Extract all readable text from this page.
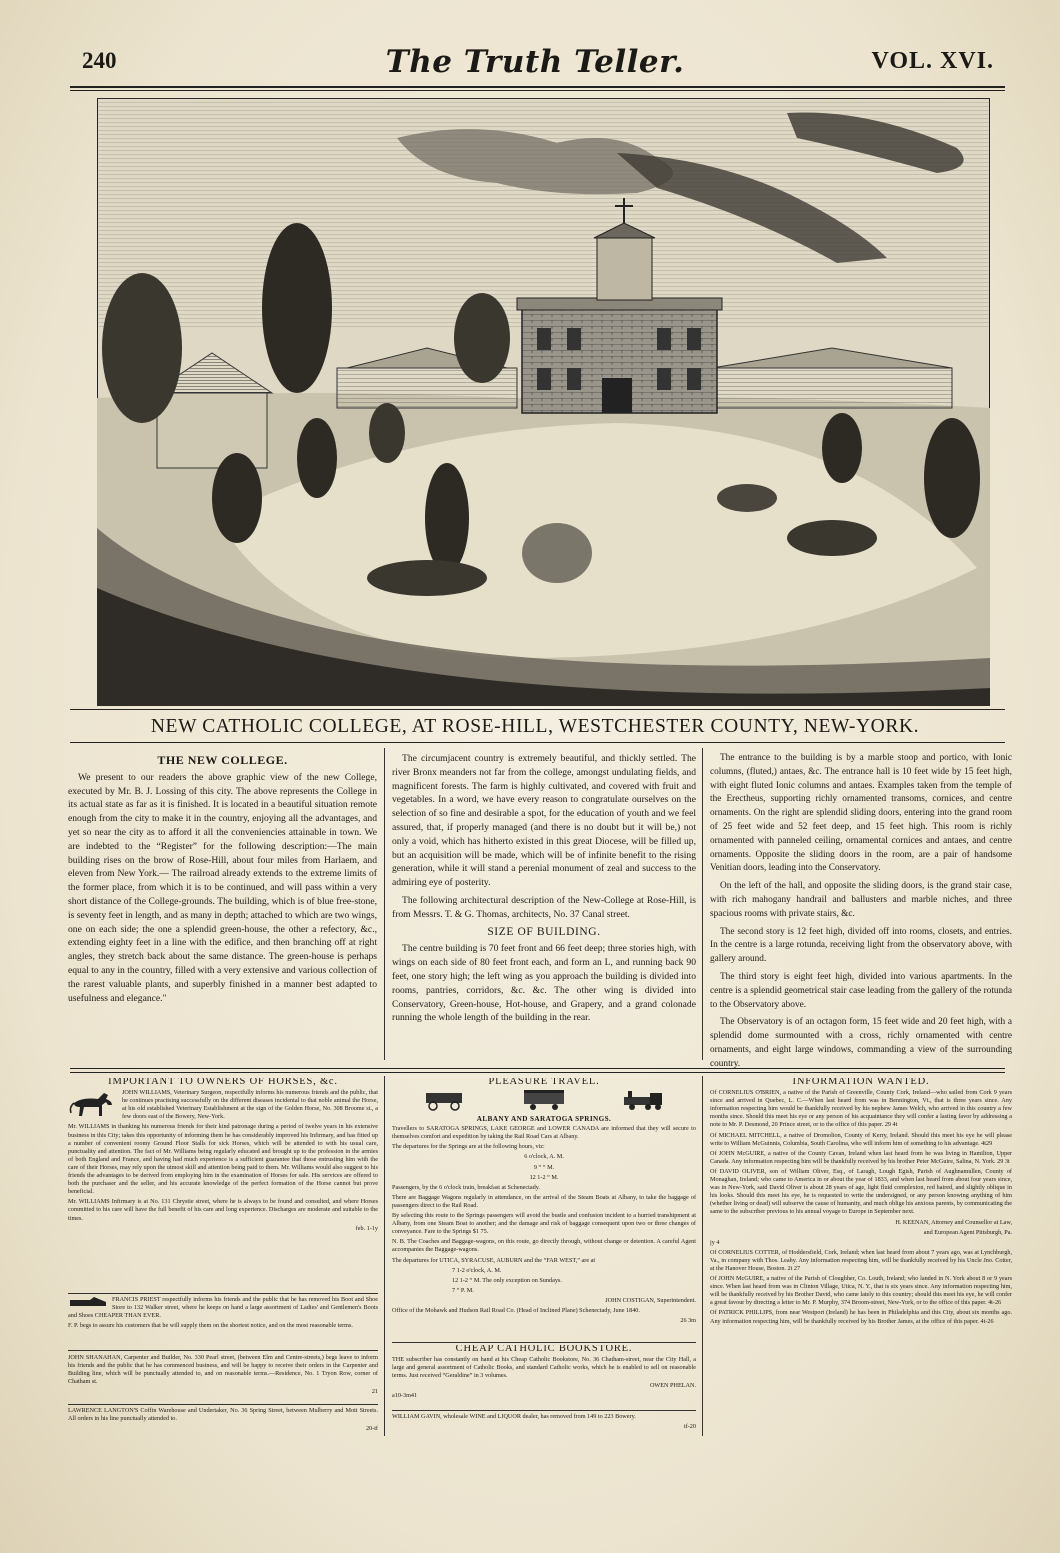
240	The Truth Teller.	VOL. XVI.
NEW CATHOLIC COLLEGE, AT ROSE-HILL, WESTCHESTER COUNTY, NEW-YORK.
THE NEW COLLEGE.

We present to our readers the above graphic view of the new College, executed by Mr. B. J. Lossing of this city. The above represents the College in its actual state as far as it is finished. It is located in a beautiful situation remote enough from the city to make it in the country, enjoying all the advantages, and yet so near the city as to afford it all the conveniencies attainable in town. We are indebted to the “Register” for the following description:—The main building rises on the brow of Rose-Hill, about four miles from Harlaem, and eleven from New York.— The railroad already extends to the extreme limits of the former place, from which it is to be continued, and will pass within a very short distance of the College-grounds. The building, which is of blue free-stone, is seventy feet in length, and as many in depth; attached to which are two wings, one on each side; the one a splendid green-house, the other a refectory, &c., extending eighty feet in a line with the edifice, and then branching off at right angles, they stretch back about the same distance. The green-house is perhaps equal to any in the country, filled with a very extensive and various collection of the rarest valuable plants, and superbly finished in a manner best adapted to usefulness and elegance."

The circumjacent country is extremely beautiful, and thickly settled. The river Bronx meanders not far from the college, amongst undulating fields, and magnificent forests. The farm is highly cultivated, and covered with fruit and vegetables. In a word, we have every reason to congratulate ourselves on the selection of so fine and desirable a spot, for the education of youth and we feel assured, that, if properly managed (and there is no doubt but it will be,) not only a void, which has hitherto existed in this great Diocese, will be filled up, but an acquisition will be made, which will be of infinite benefit to the rising generation, while it will stand a perenial monument of zeal and success to the admiring eye of posterity.

The following architectural description of the New-College at Rose-Hill, is from Messrs. T. & G. Thomas, architects, No. 37 Canal street.

SIZE OF BUILDING.

The centre building is 70 feet front and 66 feet deep; three stories high, with wings on each side of 80 feet front each, and form an L, and running back 90 feet, one story high; the left wing as you approach the building is divided into rooms, pantries, corridors, &c. &c. The other wing is divided into Conservatory, Green-house, Hot-house, and Grapery, and a grand colonade running the whole length of the building in the rear.

The entrance to the building is by a marble stoop and portico, with Ionic columns, (fluted,) antaes, &c. The entrance hall is 10 feet wide by 15 feet high, with eight fluted Ionic columns and antaes. Examples taken from the temple of the Erectheus, supporting richly ornamented transoms, cornices, and centre ornaments. On the right are splendid sliding doors, entering into the grand room of 25 feet wide and 52 feet deep, and 15 feet high. This room is richly ornamented with panneled ceiling, ornamental cornices and antaes, and centre ornaments. Opposite the sliding doors in the room, are a pair of handsome Venitian doors, leading into the Conservatory.

On the left of the hall, and opposite the sliding doors, is the grand stair case, with rich mahogany handrail and ballusters and marble niches, and three spacious rooms with private stairs, &c.

The second story is 12 feet high, divided off into rooms, closets, and entries. In the centre is a large rotunda, receiving light from the observatory above, with gallery around.

The third story is eight feet high, divided into various apartments. In the centre is a splendid geometrical stair case leading from the gallery of the rotunda to the Observatory above.

The Observatory is of an octagon form, 15 feet wide and 20 feet high, with a splendid dome surmounted with a cross, richly ornamented with centre ornaments, and eight large windows, commanding a view of the surrounding country.

IMPORTANT TO OWNERS OF HORSES, &c.

JOHN WILLIAMS, Veterinary Surgeon, respectfully informs his numerous friends and the public, that he continues practising successfully on the different diseases incidental to that noble animal the Horse, at his old established Veterinary Establishment at the sign of the Golden Horse, No. 308 Broome st., a few doors east of the Bowery, New-York.

Mr. WILLIAMS in thanking his numerous friends for their kind patronage during a period of twelve years in his extensive business in this City; takes this opportunity of informing them he has considerably improved his Infirmary, and has fitted up a number of convenient roomy Ground Floor Stalls for sick Horses, which will be attended to with his usual care, punctuality and attention. The fact of Mr. Williams being regularly educated and brought up to the profession in the armies of both England and France, and having had much experience is a sufficient guarantee that those entrusting him with the care of their Horses, may rely upon the utmost skill and attention being paid to them. Mr. Williams would also suggest to his friends the advantages to be derived from employing him in the examination of Horses for sale. His services are offered to both the purchaser and the seller, and his accurate knowledge of the perfect formation of the Horse cannot but prove beneficial.

Mr. WILLIAMS Infirmary is at No. 131 Chrystie street, where he is always to be found and consulted, and where Horses committed to his care will have the full benefit of his care and long experience. Discharges are moderate and suitable to the times.

feb. 1-1y

FRANCIS PRIEST respectfully informs his friends and the public that he has removed his Boot and Shoe Store to 132 Walker street, where he keeps on hand a large assortment of Ladies' and Gentlemen's Boots and Shoes CHEAPER THAN EVER.

F. P. begs to assure his customers that he will supply them on the shortest notice, and on the most reasonable terms.

JOHN SHANAHAN, Carpenter and Builder, No. 330 Pearl street, (between Elm and Centre-streets,) begs leave to inform his friends and the public that he has commenced business, and will be happy to receive their orders in the Carpenter and Building line, which will be punctually attended to, and on reasonable terms.—Residence, No. 1 Tryon Row, corner of Chatham st.

21

LAWRENCE LANGTON'S Coffin Warehouse and Undertaker, No. 36 Spring Street, between Mulberry and Mott Streets. All orders in his line punctually attended to.

20-tf

PLEASURE TRAVEL.

ALBANY AND SARATOGA SPRINGS.

Travellers to SARATOGA SPRINGS, LAKE GEORGE and LOWER CANADA are informed that they will secure to themselves comfort and expedition by taking the Rail Road Cars at Albany.

The departures for the Springs are at the following hours, viz:

6 o'clock, A. M.

9 “ “ M.

12 1-2 “ M.

Passengers, by the 6 o'clock train, breakfast at Schenectady.

There are Baggage Wagons regularly in attendance, on the arrival of the Steam Boats at Albany, to take the baggage of passengers direct to the Rail Road.

By selecting this route to the Springs passengers will avoid the bustle and confusion incident to a hurried transhipment at Albany, from one Steam Boat to another; and the damage and risk of baggage consequent upon two or three changes of conveyance. Fare to the Springs $1 75.

N. B. The Coaches and Baggage-wagons, on this route, go directly through, without change or detention. A careful Agent accompanies the Baggage-wagons.

The departures for UTICA, SYRACUSE, AUBURN and the “FAR WEST,” are at

7 1-2 o'clock, A. M.

12 1-2 “ M. The only exception on Sundays.

7 “ P. M.

JOHN COSTIGAN, Superintendent.

Office of the Mohawk and Hudson Rail Road Co. (Head of Inclined Plane) Schenectady, June 1840.

26 3m

CHEAP CATHOLIC BOOKSTORE.

THE subscriber has constantly on hand at his Cheap Catholic Bookstore, No. 36 Chatham-street, near the City Hall, a large and general assortment of Catholic Books, and standard Catholic works, which he is enabled to sell on reasonable terms. Just received “Geraldine” in 3 volumes.

OWEN PHELAN.

a10-3m41

WILLIAM GAVIN, wholesale WINE and LIQUOR dealer, has removed from 149 to 223 Bowery.

tf-20

INFORMATION WANTED.

Of CORNELIUS O'BRIEN, a native of the Parish of Greenville, County Cork, Ireland—who sailed from Cork 9 years since and arrived in Quebec, L. C.—When last heard from was in Bennington, Vt., that is three years since. Any information respecting him would be thankfully received by his nephew James Welch, who arrived in this country a few months since. Should this meet his eye or any person of his acquaintance they will confer a lasting favor by addressing a note to Mr. P. Desmond, 20 Prince street, or to the office of this paper. 29 4t

Of MICHAEL MITCHELL, a native of Dromolion, County of Kerry, Ireland. Should this meet his eye he will please write to William McGuinnis, Columbia, South Carolina, who will inform him of something to his advantage. 4t29

Of JOHN McGUIRE, a native of the County Cavan, Ireland when last heard from he was living in Hamilton, Upper Canada. Any information respecting him will be thankfully received by his brother Peter McGuire, Salina, N. York. 29 3t

Of DAVID OLIVER, son of William Oliver, Esq., of Laragh, Lough Egish, Parish of Aughnamullen, County of Monaghan, Ireland; who came to America in or about the year of 1833, and when last heard from about four years since, was in New-York, said David Oliver is about 28 years of age, light fluid complexion, red haired, and slightly oblique in his looks. Should this meet his eye, he is requested to write the undersigned, or any person knowing anything of him (whether living or dead) will subserve the cause of humanity, and much oblige his anxious parents, by communicating the same to the subscriber previous to his annual voyage to Europe in September next.

H. KEENAN, Attorney and Counsellor at Law,

and European Agent Pittsburgh, Pa.

jy 4

Of CORNELIUS COTTER, of Hoddersfield, Cork, Ireland; when last heard from about 7 years ago, was at Lynchburgh, Va., in company with Thos. Leahy. Any information respecting him, will be thankfully received by his Uncle Jno. Cotter, at the Hanover House, Boston. 2t 27

Of JOHN McGUIRE, a native of the Parish of Cloughher, Co. Louth, Ireland; who landed in N. York about 8 or 9 years since. When last heard from was in Clinton Village, Utica, N. Y., that is six years since. Any information respecting him, will be thankfully received by his Brother David, who came lately to this country; should this meet his eye, he will confer a great favour by directing a letter to Mr. P. Murphy, 374 Broom-street, New-York, or to the office of this paper. 4t-26

Of PATRICK PHILLIPS, from near Westport (Ireland) he has been in Philadelphia and this City, about six months ago. Any information respecting him, will be thankfully received by his Brother James, at the office of this paper. 4t-26
